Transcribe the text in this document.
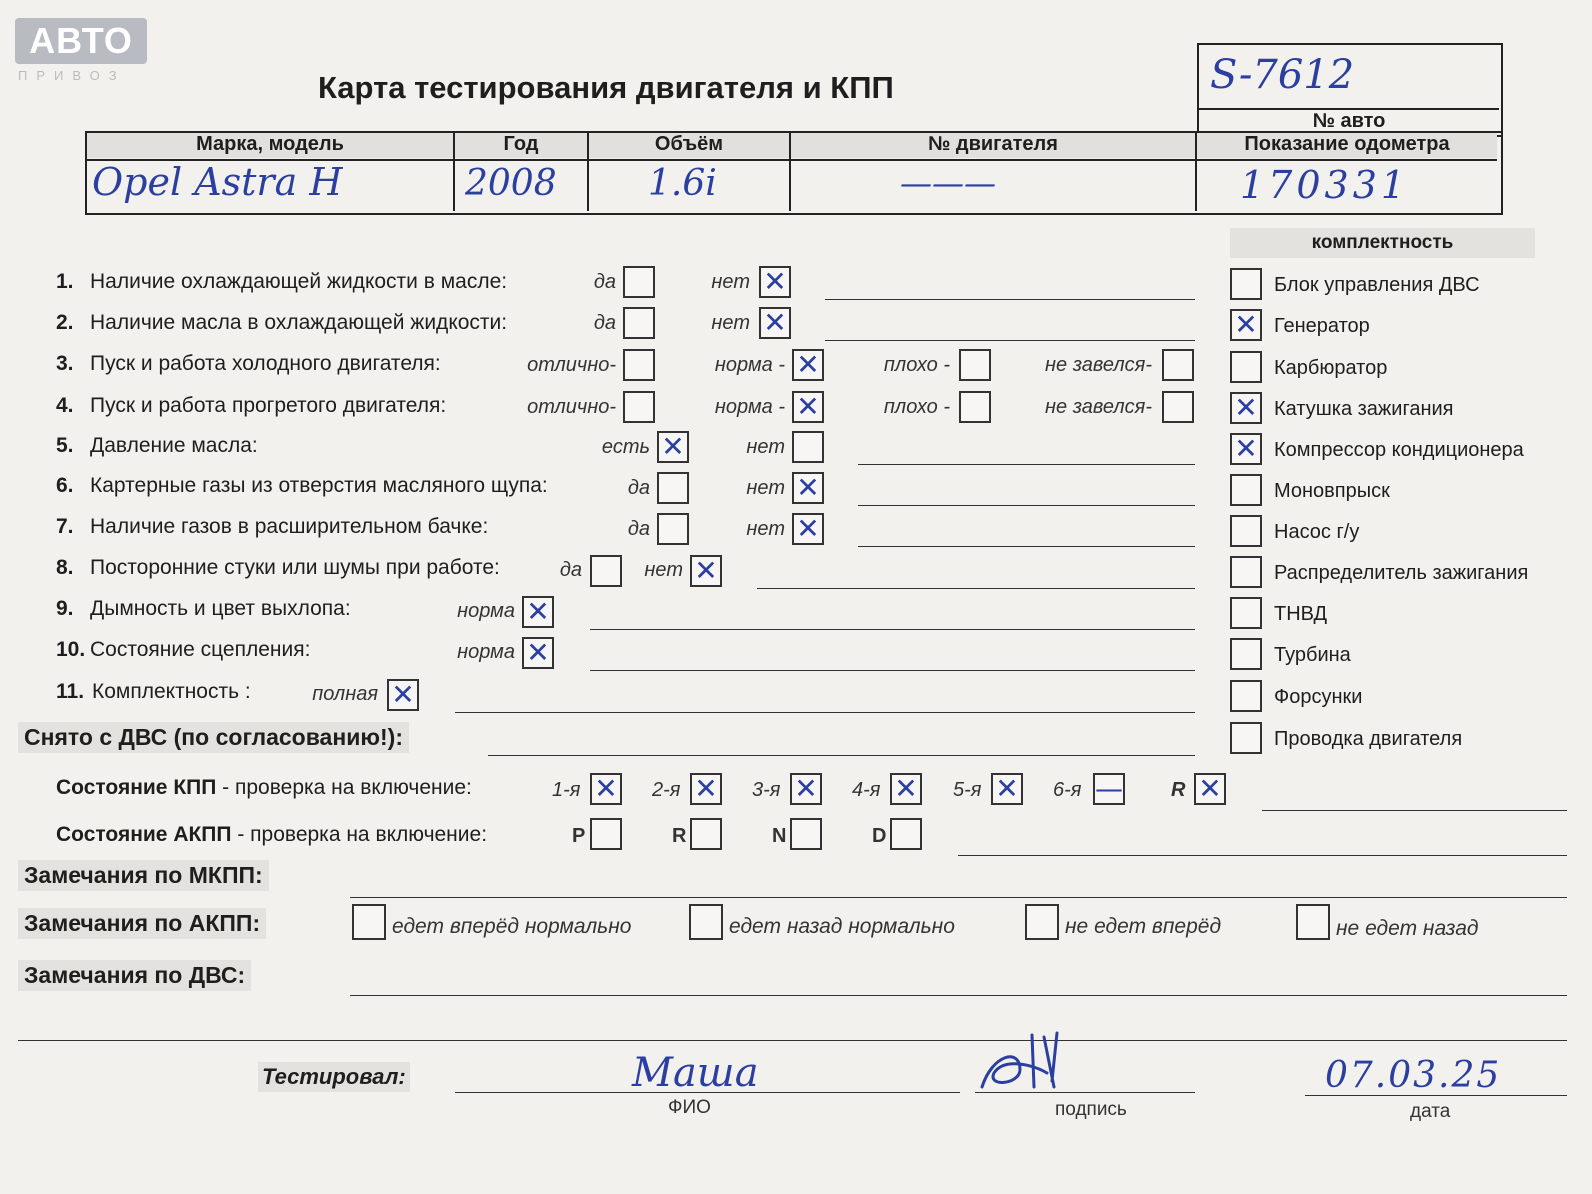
АВТО
ПРИВОЗ	Карта тестирования двигателя и КПП	S-7612
№ авто
Марка, модель	Год	Объём	№ двигателя	Показание одометра
Opel Astra H	2008	1.6i	———	170331
1. Наличие охлаждающей жидкости в масле:	да	нет ✕
2. Наличие масла в охлаждающей жидкости:	да	нет ✕
3. Пуск и работа холодного двигателя:	отлично-	норма - ✕	плохо -	не завелся-
4. Пуск и работа прогретого двигателя:	отлично-	норма - ✕	плохо -	не завелся-
5. Давление масла:	есть ✕	нет
6. Картерные газы из отверстия масляного щупа:	да	нет ✕
7. Наличие газов в расширительном бачке:	да	нет ✕
8. Посторонние стуки или шумы при работе:	да	нет ✕
9. Дымность и цвет выхлопа:	норма ✕
10. Состояние сцепления:	норма ✕
11. Комплектность :	полная ✕
комплектность
Блок управления ДВС
✕ Генератор
Карбюратор
✕ Катушка зажигания
✕ Компрессор кондиционера
Моновпрыск
Насос г/у
Распределитель зажигания
ТНВД
Турбина
Форсунки
Проводка двигателя
Снято с ДВС (по согласованию!):
Состояние КПП - проверка на включение:	1-я ✕ 2-я ✕ 3-я ✕ 4-я ✕ 5-я ✕ 6-я — R ✕
Состояние АКПП - проверка на включение:	P	R	N	D
Замечания по МКПП:
Замечания по АКПП:	едет вперёд нормально	едет назад нормально	не едет вперёд	не едет назад
Замечания по ДВС:
Тестировал:	Маша
ФИО	подпись
07.03.25
дата
